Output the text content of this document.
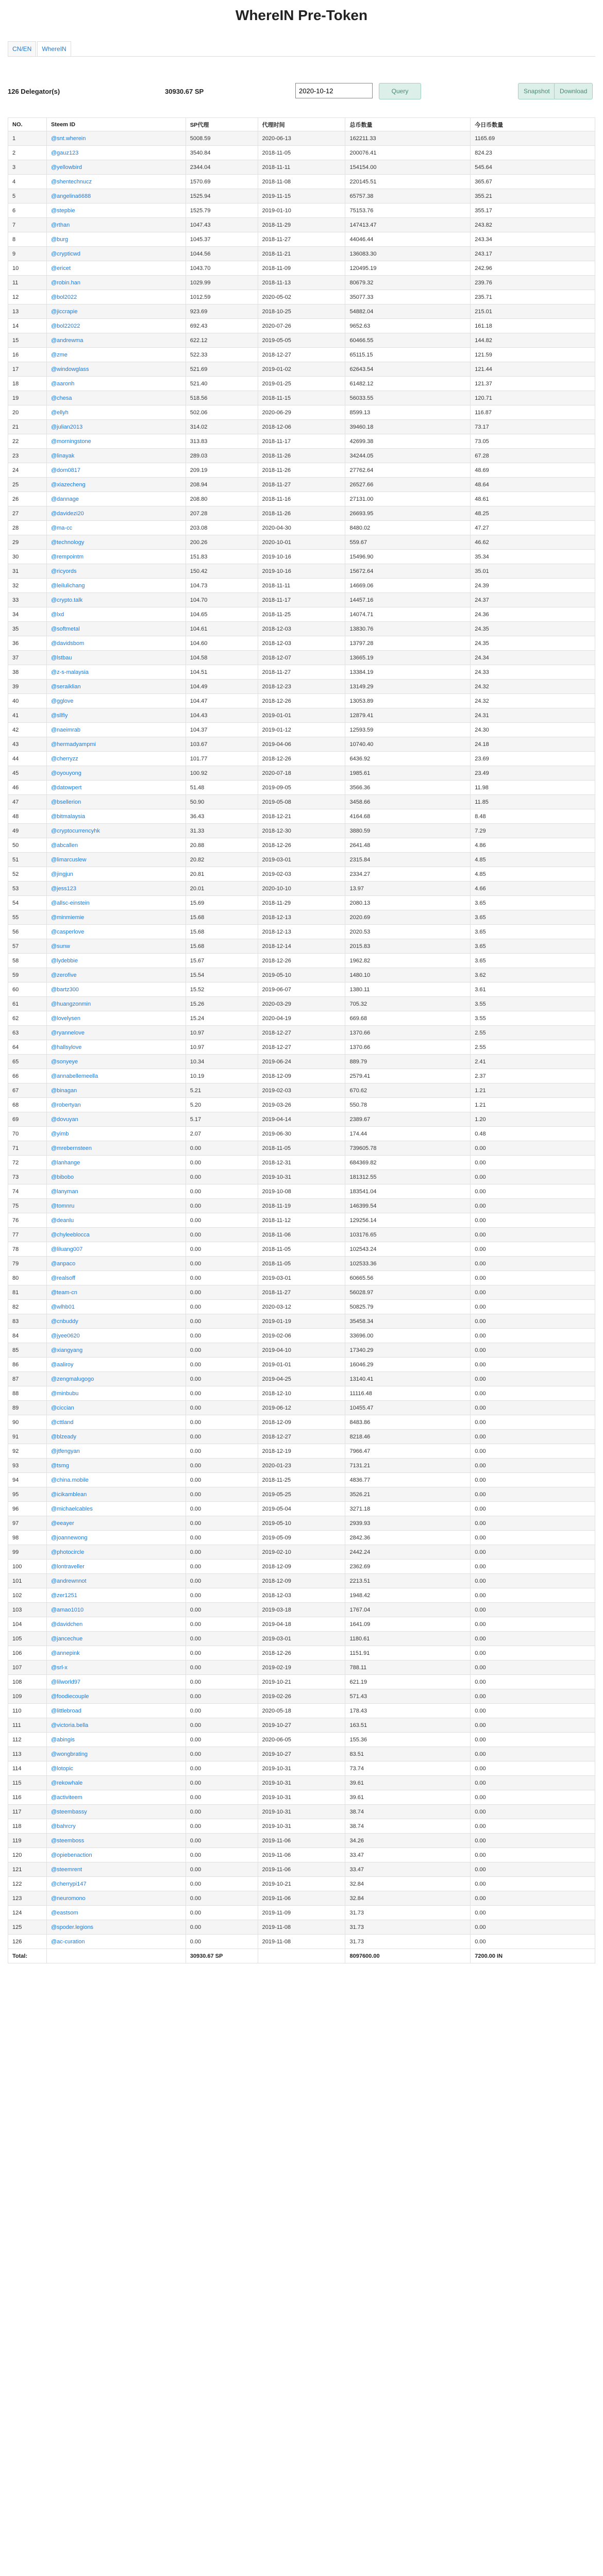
WhereIN Pre-Token
CN/EN	WhereIN
126 Delegator(s)	30930.67 SP
2020-10-12	Query	Snapshot	Download
NO.	Steem ID	SP代理	代理时间	总币数量	今日币数量
1	@snt.wherein	5008.59	2020-06-13	162211.33	1165.69
2	@gauz123	3540.84	2018-11-05	200076.41	824.23
3	@yellowbird	2344.04	2018-11-11	154154.00	545.64
4	@shentechnucz	1570.69	2018-11-08	220145.51	365.67
5	@angelina6688	1525.94	2019-11-15	65757.38	355.21
6	@stepbie	1525.79	2019-01-10	75153.76	355.17
7	@rthan	1047.43	2018-11-29	147413.47	243.82
8	@burg	1045.37	2018-11-27	44046.44	243.34
9	@crypticwd	1044.56	2018-11-21	136083.30	243.17
10	@ericet	1043.70	2018-11-09	120495.19	242.96
11	@robin.han	1029.99	2018-11-13	80679.32	239.76
12	@bol2022	1012.59	2020-05-02	35077.33	235.71
13	@jiccrapie	923.69	2018-10-25	54882.04	215.01
14	@bol22022	692.43	2020-07-26	9652.63	161.18
15	@andrewma	622.12	2019-05-05	60466.55	144.82
16	@zme	522.33	2018-12-27	65115.15	121.59
17	@windowglass	521.69	2019-01-02	62643.54	121.44
18	@aaronh	521.40	2019-01-25	61482.12	121.37
19	@chesa	518.56	2018-11-15	56033.55	120.71
20	@ellyh	502.06	2020-06-29	8599.13	116.87
21	@julian2013	314.02	2018-12-06	39460.18	73.17
22	@morningstone	313.83	2018-11-17	42699.38	73.05
23	@linayak	289.03	2018-11-26	34244.05	67.28
24	@dom0817	209.19	2018-11-26	27762.64	48.69
25	@xiazecheng	208.94	2018-11-27	26527.66	48.64
26	@dannage	208.80	2018-11-16	27131.00	48.61
27	@davidezi20	207.28	2018-11-26	26693.95	48.25
28	@ma-cc	203.08	2020-04-30	8480.02	47.27
29	@technology	200.26	2020-10-01	559.67	46.62
30	@rempointm	151.83	2019-10-16	15496.90	35.34
31	@ricyords	150.42	2019-10-16	15672.64	35.01
32	@leilulichang	104.73	2018-11-11	14669.06	24.39
33	@crypto.talk	104.70	2018-11-17	14457.16	24.37
34	@lxd	104.65	2018-11-25	14074.71	24.36
35	@softmetal	104.61	2018-12-03	13830.76	24.35
36	@davidsbom	104.60	2018-12-03	13797.28	24.35
37	@lstbau	104.58	2018-12-07	13665.19	24.34
38	@z-s-malaysia	104.51	2018-11-27	13384.19	24.33
39	@seraiklian	104.49	2018-12-23	13149.29	24.32
40	@gglove	104.47	2018-12-26	13053.89	24.32
41	@sllfiy	104.43	2019-01-01	12879.41	24.31
42	@naeimrab	104.37	2019-01-12	12593.59	24.30
43	@hermadyampmi	103.67	2019-04-06	10740.40	24.18
44	@cherryzz	101.77	2018-12-26	6436.92	23.69
45	@oyouyong	100.92	2020-07-18	1985.61	23.49
46	@datowpert	51.48	2019-09-05	3566.36	11.98
47	@bsellerion	50.90	2019-05-08	3458.66	11.85
48	@bitmalaysia	36.43	2018-12-21	4164.68	8.48
49	@cryptocurrencyhk	31.33	2018-12-30	3880.59	7.29
50	@abcallen	20.88	2018-12-26	2641.48	4.86
51	@limarcuslew	20.82	2019-03-01	2315.84	4.85
52	@jingjun	20.81	2019-02-03	2334.27	4.85
53	@jess123	20.01	2020-10-10	13.97	4.66
54	@allsc-einstein	15.69	2018-11-29	2080.13	3.65
55	@minmiemie	15.68	2018-12-13	2020.69	3.65
56	@casperlove	15.68	2018-12-13	2020.53	3.65
57	@sunw	15.68	2018-12-14	2015.83	3.65
58	@lydebbie	15.67	2018-12-26	1962.82	3.65
59	@zerofive	15.54	2019-05-10	1480.10	3.62
60	@bartz300	15.52	2019-06-07	1380.11	3.61
61	@huangzonmin	15.26	2020-03-29	705.32	3.55
62	@lovelysen	15.24	2020-04-19	669.68	3.55
63	@ryannelove	10.97	2018-12-27	1370.66	2.55
64	@hallsylove	10.97	2018-12-27	1370.66	2.55
65	@sonyeye	10.34	2019-06-24	889.79	2.41
66	@annabellemeella	10.19	2018-12-09	2579.41	2.37
67	@binagan	5.21	2019-02-03	670.62	1.21
68	@robertyan	5.20	2019-03-26	550.78	1.21
69	@dovuyan	5.17	2019-04-14	2389.67	1.20
70	@yimb	2.07	2019-06-30	174.44	0.48
71	@mrebernsteen	0.00	2018-11-05	739605.78	0.00
72	@lanhange	0.00	2018-12-31	684369.82	0.00
73	@bibobo	0.00	2019-10-31	181312.55	0.00
74	@lanyman	0.00	2019-10-08	183541.04	0.00
75	@tomnru	0.00	2018-11-19	146399.54	0.00
76	@deanlu	0.00	2018-11-12	129256.14	0.00
77	@chyleeblocca	0.00	2018-11-06	103176.65	0.00
78	@liluang007	0.00	2018-11-05	102543.24	0.00
79	@anpaco	0.00	2018-11-05	102533.36	0.00
80	@realsoff	0.00	2019-03-01	60665.56	0.00
81	@team-cn	0.00	2018-11-27	56028.97	0.00
82	@wlhb01	0.00	2020-03-12	50825.79	0.00
83	@cnbuddy	0.00	2019-01-19	35458.34	0.00
84	@jyee0620	0.00	2019-02-06	33696.00	0.00
85	@xiangyang	0.00	2019-04-10	17340.29	0.00
86	@aaliroy	0.00	2019-01-01	16046.29	0.00
87	@zengmalugogo	0.00	2019-04-25	13140.41	0.00
88	@minbubu	0.00	2018-12-10	11116.48	0.00
89	@ciccian	0.00	2019-06-12	10455.47	0.00
90	@cttland	0.00	2018-12-09	8483.86	0.00
91	@blzeady	0.00	2018-12-27	8218.46	0.00
92	@jtfengyan	0.00	2018-12-19	7966.47	0.00
93	@tsmg	0.00	2020-01-23	7131.21	0.00
94	@china.mobile	0.00	2018-11-25	4836.77	0.00
95	@icikamblean	0.00	2019-05-25	3526.21	0.00
96	@michaelcables	0.00	2019-05-04	3271.18	0.00
97	@eeayer	0.00	2019-05-10	2939.93	0.00
98	@joannewong	0.00	2019-05-09	2842.36	0.00
99	@photocircle	0.00	2019-02-10	2442.24	0.00
100	@lontraveller	0.00	2018-12-09	2362.69	0.00
101	@andrewnnot	0.00	2018-12-09	2213.51	0.00
102	@zer1251	0.00	2018-12-03	1948.42	0.00
103	@amao1010	0.00	2019-03-18	1767.04	0.00
104	@davidchen	0.00	2019-04-18	1641.09	0.00
105	@jancechue	0.00	2019-03-01	1180.61	0.00
106	@annepink	0.00	2018-12-26	1151.91	0.00
107	@srl-x	0.00	2019-02-19	788.11	0.00
108	@lilworld97	0.00	2019-10-21	621.19	0.00
109	@foodiecouple	0.00	2019-02-26	571.43	0.00
110	@littlebroad	0.00	2020-05-18	178.43	0.00
111	@victoria.bella	0.00	2019-10-27	163.51	0.00
112	@abingis	0.00	2020-06-05	155.36	0.00
113	@wongbrating	0.00	2019-10-27	83.51	0.00
114	@lotopic	0.00	2019-10-31	73.74	0.00
115	@rekowhale	0.00	2019-10-31	39.61	0.00
116	@activiteem	0.00	2019-10-31	39.61	0.00
117	@steembassy	0.00	2019-10-31	38.74	0.00
118	@bahrcry	0.00	2019-10-31	38.74	0.00
119	@steemboss	0.00	2019-11-06	34.26	0.00
120	@opiebenaction	0.00	2019-11-06	33.47	0.00
121	@steemrent	0.00	2019-11-06	33.47	0.00
122	@cherrypi147	0.00	2019-10-21	32.84	0.00
123	@neuromono	0.00	2019-11-06	32.84	0.00
124	@eastsom	0.00	2019-11-09	31.73	0.00
125	@spoder.legions	0.00	2019-11-08	31.73	0.00
126	@ac-curation	0.00	2019-11-08	31.73	0.00
Total:		30930.67 SP		8097600.00	7200.00 IN
